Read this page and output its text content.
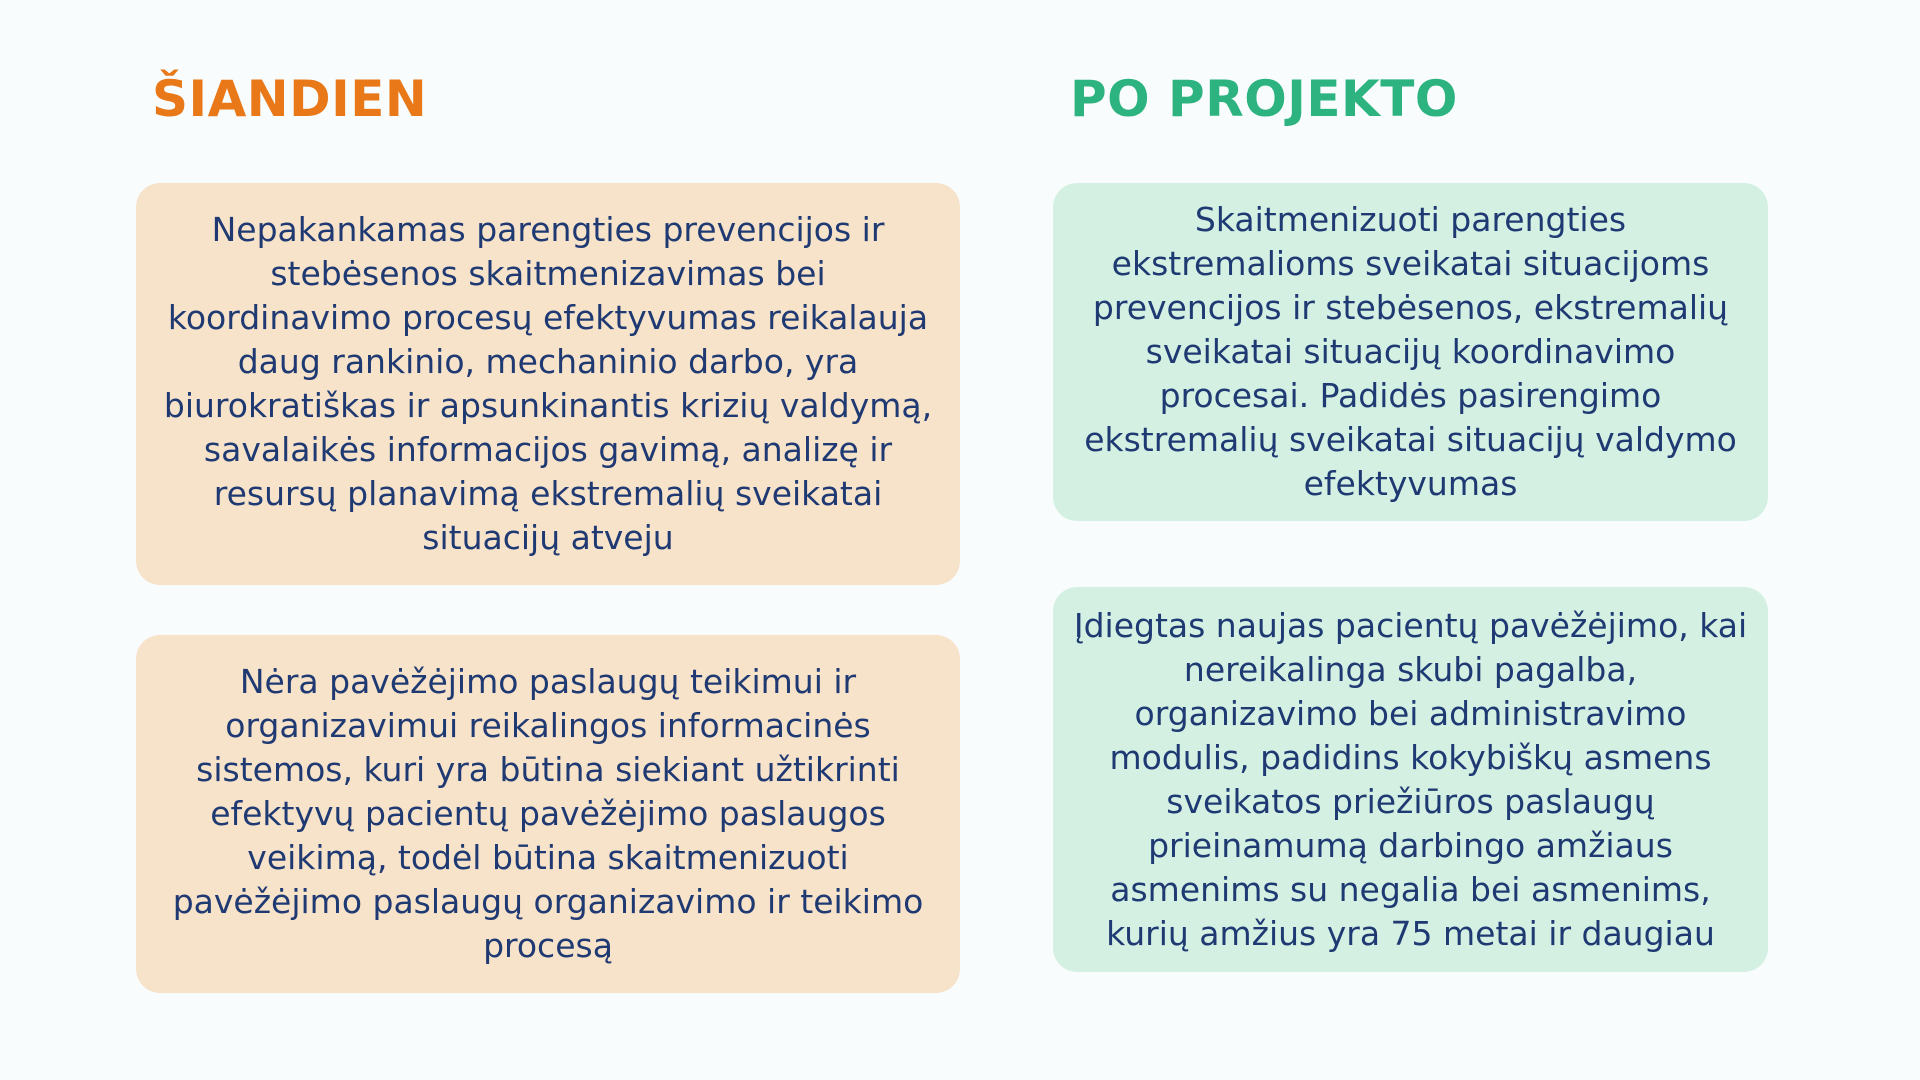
ŠIANDIEN	PO PROJEKTO

Nepakankamas parengties prevencijos ir stebėsenos skaitmenizavimas bei koordinavimo procesų efektyvumas reikalauja daug rankinio, mechaninio darbo, yra biurokratiškas ir apsunkinantis krizių valdymą, savalaikės informacijos gavimą, analizę ir resursų planavimą ekstremalių sveikatai situacijų atveju

Nėra pavėžėjimo paslaugų teikimui ir organizavimui reikalingos informacinės sistemos, kuri yra būtina siekiant užtikrinti efektyvų pacientų pavėžėjimo paslaugos veikimą, todėl būtina skaitmenizuoti pavėžėjimo paslaugų organizavimo ir teikimo procesą

Skaitmenizuoti parengties ekstremalioms sveikatai situacijoms prevencijos ir stebėsenos, ekstremalių sveikatai situacijų koordinavimo procesai. Padidės pasirengimo ekstremalių sveikatai situacijų valdymo efektyvumas

Įdiegtas naujas pacientų pavėžėjimo, kai nereikalinga skubi pagalba, organizavimo bei administravimo modulis, padidins kokybiškų asmens sveikatos priežiūros paslaugų prieinamumą darbingo amžiaus asmenims su negalia bei asmenims, kurių amžius yra 75 metai ir daugiau
